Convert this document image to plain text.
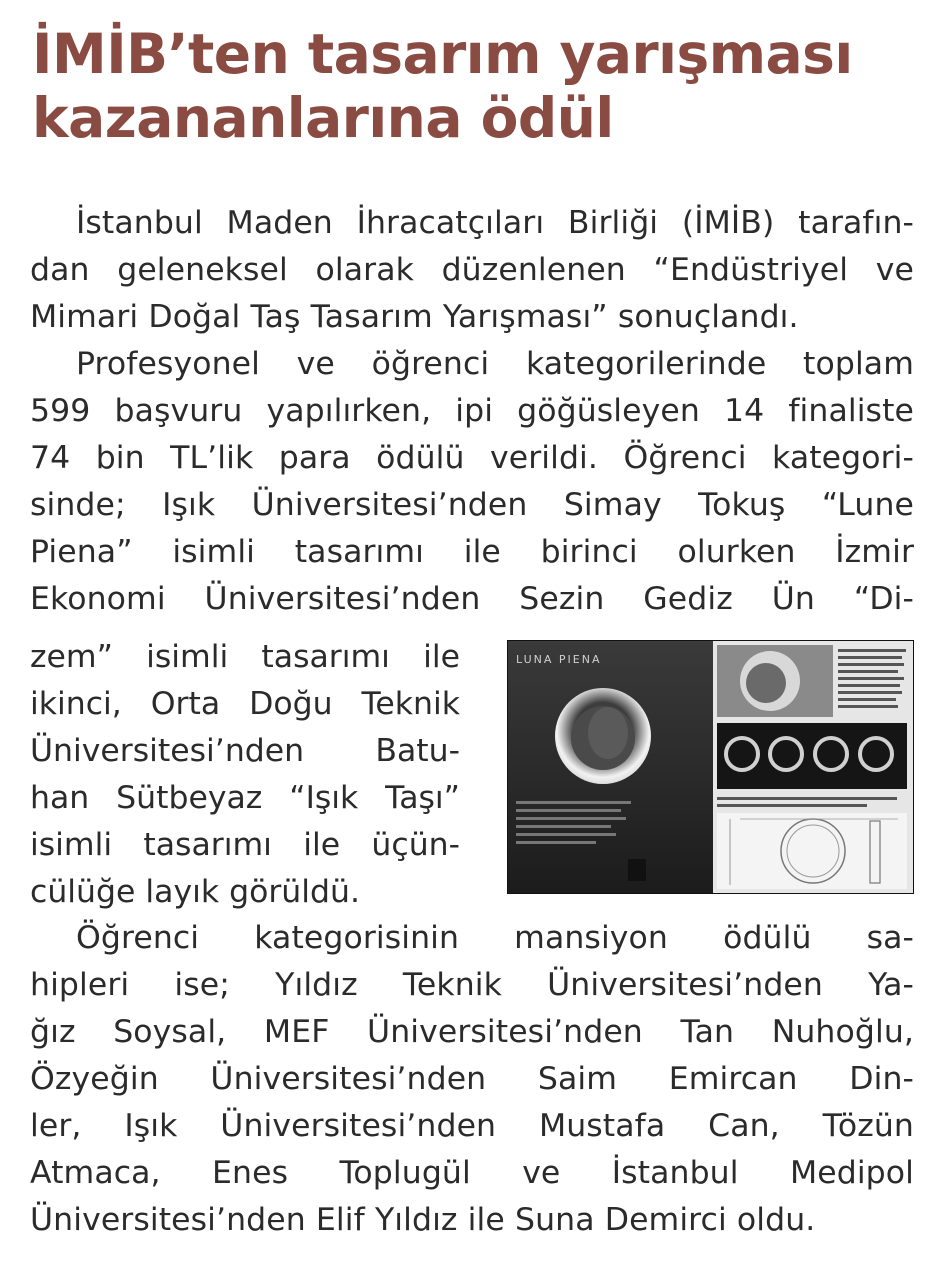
İMİB’ten tasarım yarışması
kazananlarına ödül
İstanbul Maden İhracatçıları Birliği (İMİB) tarafın-
dan geleneksel olarak düzenlenen “Endüstriyel ve
Mimari Doğal Taş Tasarım Yarışması” sonuçlandı.
Profesyonel ve öğrenci kategorilerinde toplam
599 başvuru yapılırken, ipi göğüsleyen 14 finaliste
74 bin TL’lik para ödülü verildi. Öğrenci kategori-
sinde; Işık Üniversitesi’nden Simay Tokuş “Lune
Piena” isimli tasarımı ile birinci olurken İzmir
Ekonomi Üniversitesi’nden Sezin Gediz Ün “Di-
zem” isimli tasarımı ile
ikinci, Orta Doğu Teknik
Üniversitesi’nden Batu-
han Sütbeyaz “Işık Taşı”
isimli tasarımı ile üçün-
cülüğe layık görüldü.
LUNA PIENA
Öğrenci kategorisinin mansiyon ödülü sa-
hipleri ise; Yıldız Teknik Üniversitesi’nden Ya-
ğız Soysal, MEF Üniversitesi’nden Tan Nuhoğlu,
Özyeğin Üniversitesi’nden Saim Emircan Din-
ler, Işık Üniversitesi’nden Mustafa Can, Tözün
Atmaca, Enes Toplugül ve İstanbul Medipol
Üniversitesi’nden Elif Yıldız ile Suna Demirci oldu.
